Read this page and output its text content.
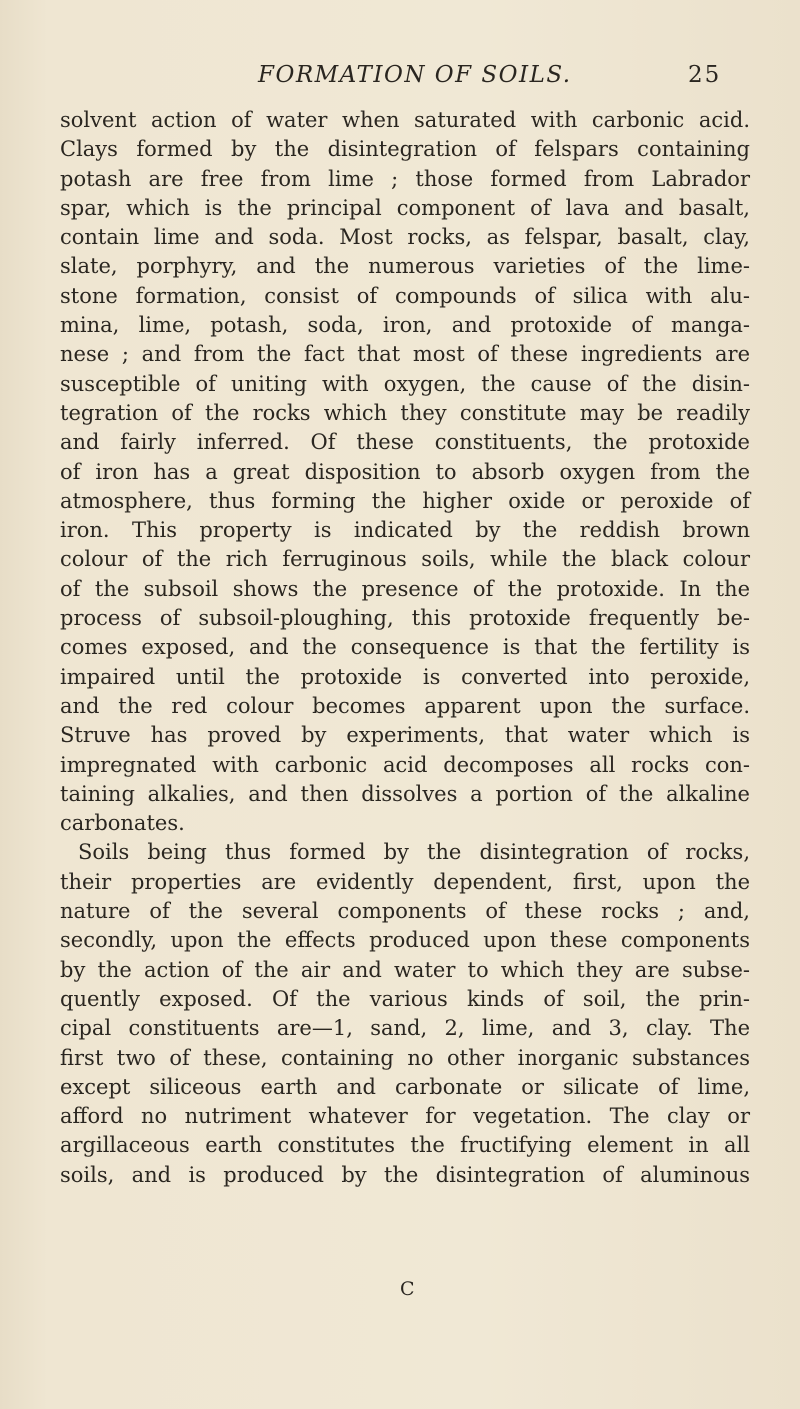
FORMATION OF SOILS.	25
solvent action of water when saturated with carbonic acid.
Clays formed by the disintegration of felspars containing
potash are free from lime ; those formed from Labrador
spar, which is the principal component of lava and basalt,
contain lime and soda. Most rocks, as felspar, basalt, clay,
slate, porphyry, and the numerous varieties of the lime-
stone formation, consist of compounds of silica with alu-
mina, lime, potash, soda, iron, and protoxide of manga-
nese ; and from the fact that most of these ingredients are
susceptible of uniting with oxygen, the cause of the disin-
tegration of the rocks which they constitute may be readily
and fairly inferred. Of these constituents, the protoxide
of iron has a great disposition to absorb oxygen from the
atmosphere, thus forming the higher oxide or peroxide of
iron. This property is indicated by the reddish brown
colour of the rich ferruginous soils, while the black colour
of the subsoil shows the presence of the protoxide. In the
process of subsoil-ploughing, this protoxide frequently be-
comes exposed, and the consequence is that the fertility is
impaired until the protoxide is converted into peroxide,
and the red colour becomes apparent upon the surface.
Struve has proved by experiments, that water which is
impregnated with carbonic acid decomposes all rocks con-
taining alkalies, and then dissolves a portion of the alkaline
carbonates.
Soils being thus formed by the disintegration of rocks,
their properties are evidently dependent, first, upon the
nature of the several components of these rocks ; and,
secondly, upon the effects produced upon these components
by the action of the air and water to which they are subse-
quently exposed. Of the various kinds of soil, the prin-
cipal constituents are—1, sand, 2, lime, and 3, clay. The
first two of these, containing no other inorganic substances
except siliceous earth and carbonate or silicate of lime,
afford no nutriment whatever for vegetation. The clay or
argillaceous earth constitutes the fructifying element in all
soils, and is produced by the disintegration of aluminous
C
